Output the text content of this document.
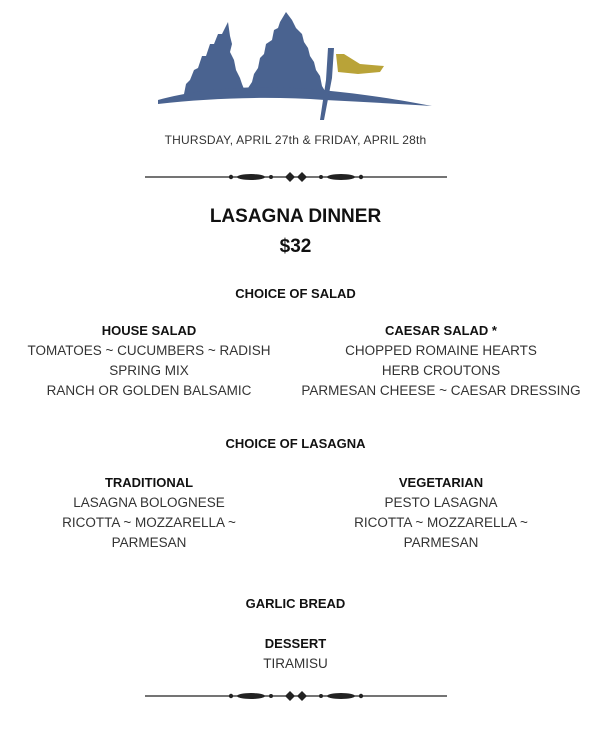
THURSDAY, APRIL 27th & FRIDAY, APRIL 28th
LASAGNA DINNER
$32
CHOICE OF SALAD
HOUSE SALAD
TOMATOES ~ CUCUMBERS ~ RADISH
SPRING MIX
RANCH OR GOLDEN BALSAMIC
CAESAR SALAD *
CHOPPED ROMAINE HEARTS
HERB CROUTONS
PARMESAN CHEESE ~ CAESAR DRESSING
CHOICE OF LASAGNA
TRADITIONAL
LASAGNA BOLOGNESE
RICOTTA ~ MOZZARELLA ~
PARMESAN
VEGETARIAN
PESTO LASAGNA
RICOTTA ~ MOZZARELLA ~
PARMESAN
GARLIC BREAD
DESSERT
TIRAMISU
